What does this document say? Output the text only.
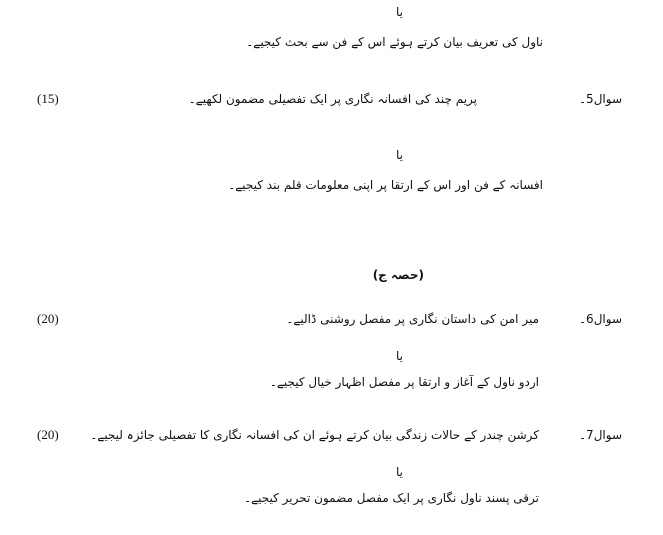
یا
ناول کی تعریف بیان کرتے ہوئے اس کے فن سے بحث کیجیے۔
(15)	پریم چند کی افسانہ نگاری پر ایک تفصیلی مضمون لکھیے۔	سوال5۔
یا
افسانہ کے فن اور اس کے ارتقا پر اپنی معلومات قلم بند کیجیے۔
(حصہ ج)
(20)	میر امن کی داستان نگاری پر مفصل روشنی ڈالیے۔	سوال6۔
یا
اردو ناول کے آغاز و ارتقا پر مفصل اظہار خیال کیجیے۔
(20)	کرشن چندر کے حالات زندگی بیان کرتے ہوئے ان کی افسانہ نگاری کا تفصیلی جائزہ لیجیے۔	سوال7۔
یا
ترقی پسند ناول نگاری پر ایک مفصل مضمون تحریر کیجیے۔
